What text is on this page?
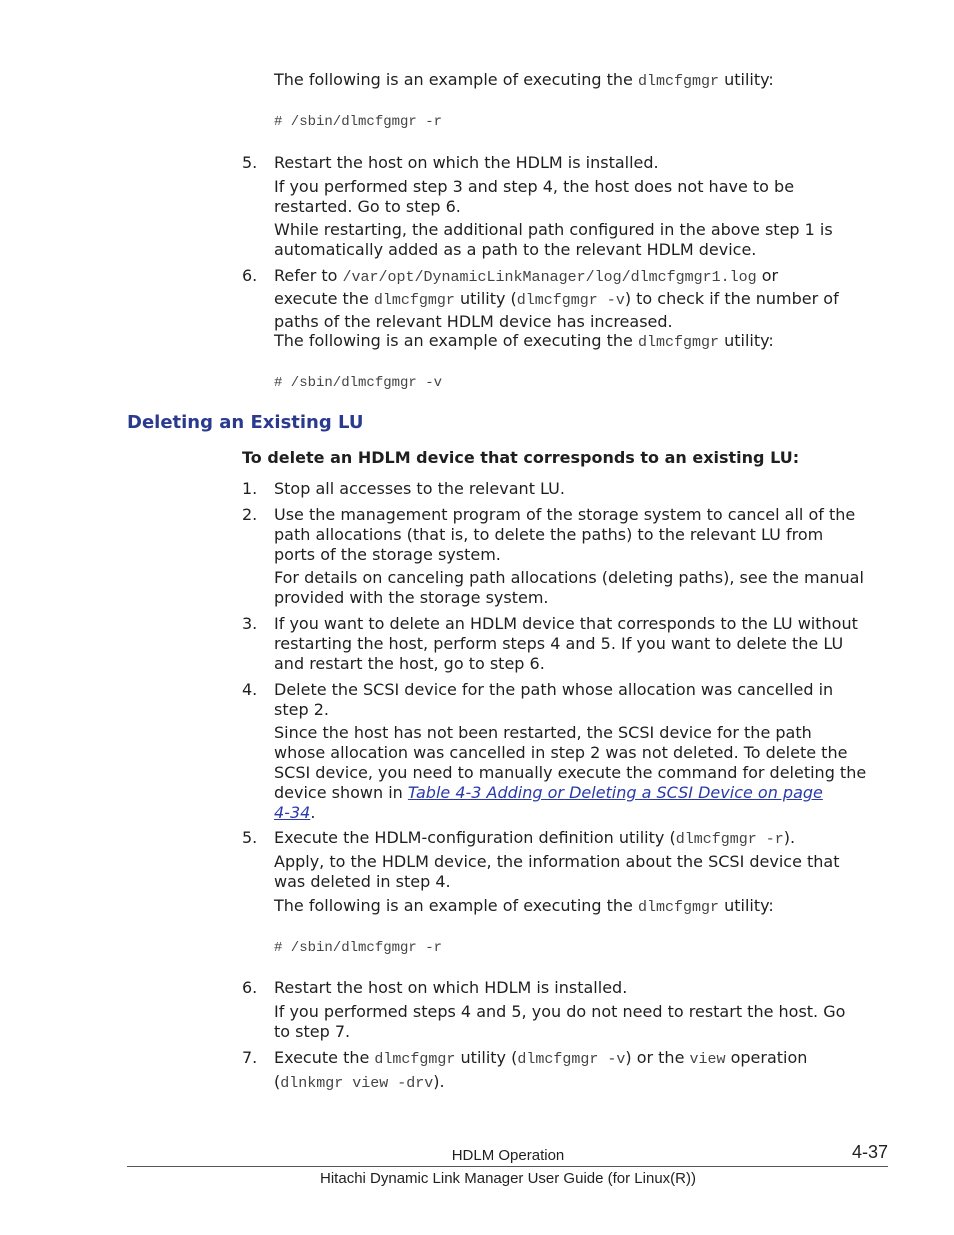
The following is an example of executing the dlmcfgmgr utility:
# /sbin/dlmcfgmgr -r
5. Restart the host on which the HDLM is installed.
If you performed step 3 and step 4, the host does not have to be
restarted. Go to step 6.
While restarting, the additional path configured in the above step 1 is
automatically added as a path to the relevant HDLM device.
6. Refer to /var/opt/DynamicLinkManager/log/dlmcfgmgr1.log or
execute the dlmcfgmgr utility (dlmcfgmgr -v) to check if the number of
paths of the relevant HDLM device has increased.
The following is an example of executing the dlmcfgmgr utility:
# /sbin/dlmcfgmgr -v
Deleting an Existing LU
To delete an HDLM device that corresponds to an existing LU:
1. Stop all accesses to the relevant LU.
2. Use the management program of the storage system to cancel all of the
path allocations (that is, to delete the paths) to the relevant LU from
ports of the storage system.
For details on canceling path allocations (deleting paths), see the manual
provided with the storage system.
3. If you want to delete an HDLM device that corresponds to the LU without
restarting the host, perform steps 4 and 5. If you want to delete the LU
and restart the host, go to step 6.
4. Delete the SCSI device for the path whose allocation was cancelled in
step 2.
Since the host has not been restarted, the SCSI device for the path
whose allocation was cancelled in step 2 was not deleted. To delete the
SCSI device, you need to manually execute the command for deleting the
device shown in Table 4-3 Adding or Deleting a SCSI Device on page
4-34.
5. Execute the HDLM-configuration definition utility (dlmcfgmgr -r).
Apply, to the HDLM device, the information about the SCSI device that
was deleted in step 4.
The following is an example of executing the dlmcfgmgr utility:
# /sbin/dlmcfgmgr -r
6. Restart the host on which HDLM is installed.
If you performed steps 4 and 5, you do not need to restart the host. Go
to step 7.
7. Execute the dlmcfgmgr utility (dlmcfgmgr -v) or the view operation
(dlnkmgr view -drv).
HDLM Operation	4-37
Hitachi Dynamic Link Manager User Guide (for Linux(R))
